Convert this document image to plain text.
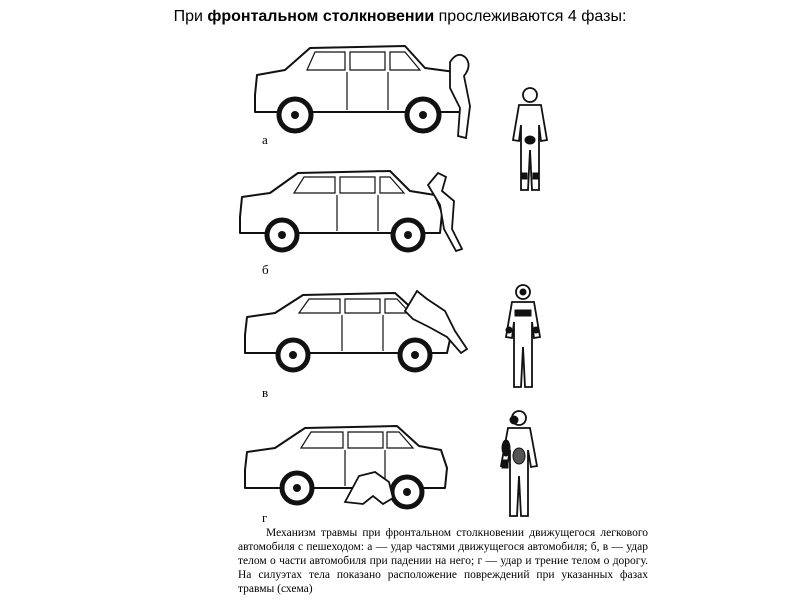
При фронтальном столкновении прослеживаются 4 фазы:
а
б
в
г

Механизм травмы при фронтальном столкновении движущегося легкового автомобиля с пешеходом: а — удар частями движущегося автомобиля; б, в — удар телом о части автомобиля при падении на него; г — удар и трение телом о дорогу. На силуэтах тела показано расположение повреждений при указанных фазах травмы (схема)
